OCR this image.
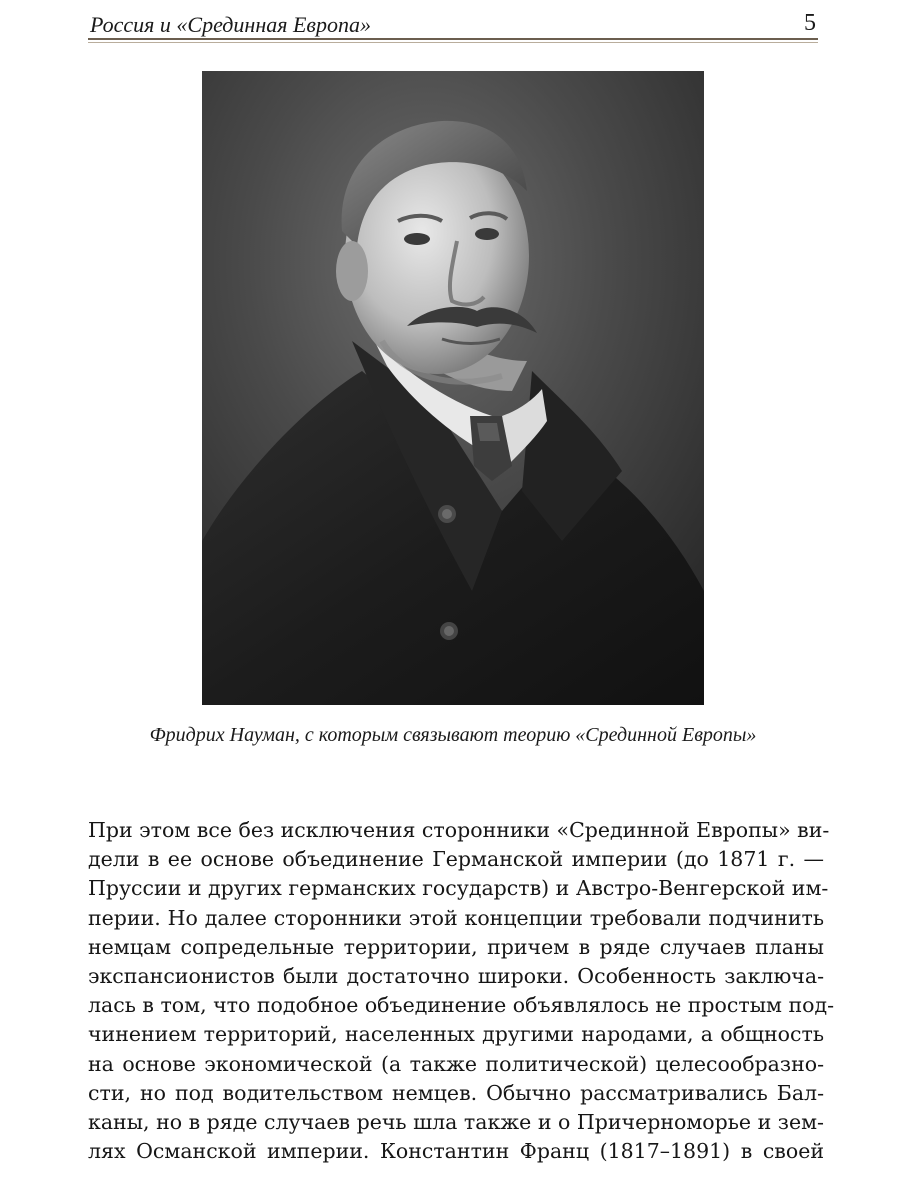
Россия и «Срединная Европа»	5
Фридрих Науман, с которым связывают теорию «Срединной Европы»
При этом все без исключения сторонники «Срединной Европы» ви-
дели в ее основе объединение Германской империи (до 1871 г. —
Пруссии и других германских государств) и Австро-Венгерской им-
перии. Но далее сторонники этой концепции требовали подчинить
немцам сопредельные территории, причем в ряде случаев планы
экспансионистов были достаточно широки. Особенность заключа-
лась в том, что подобное объединение объявлялось не простым под-
чинением территорий, населенных другими народами, а общность
на основе экономической (а также политической) целесообразно-
сти, но под водительством немцев. Обычно рассматривались Бал-
каны, но в ряде случаев речь шла также и о Причерноморье и зем-
лях Османской империи. Константин Франц (1817–1891) в своей
